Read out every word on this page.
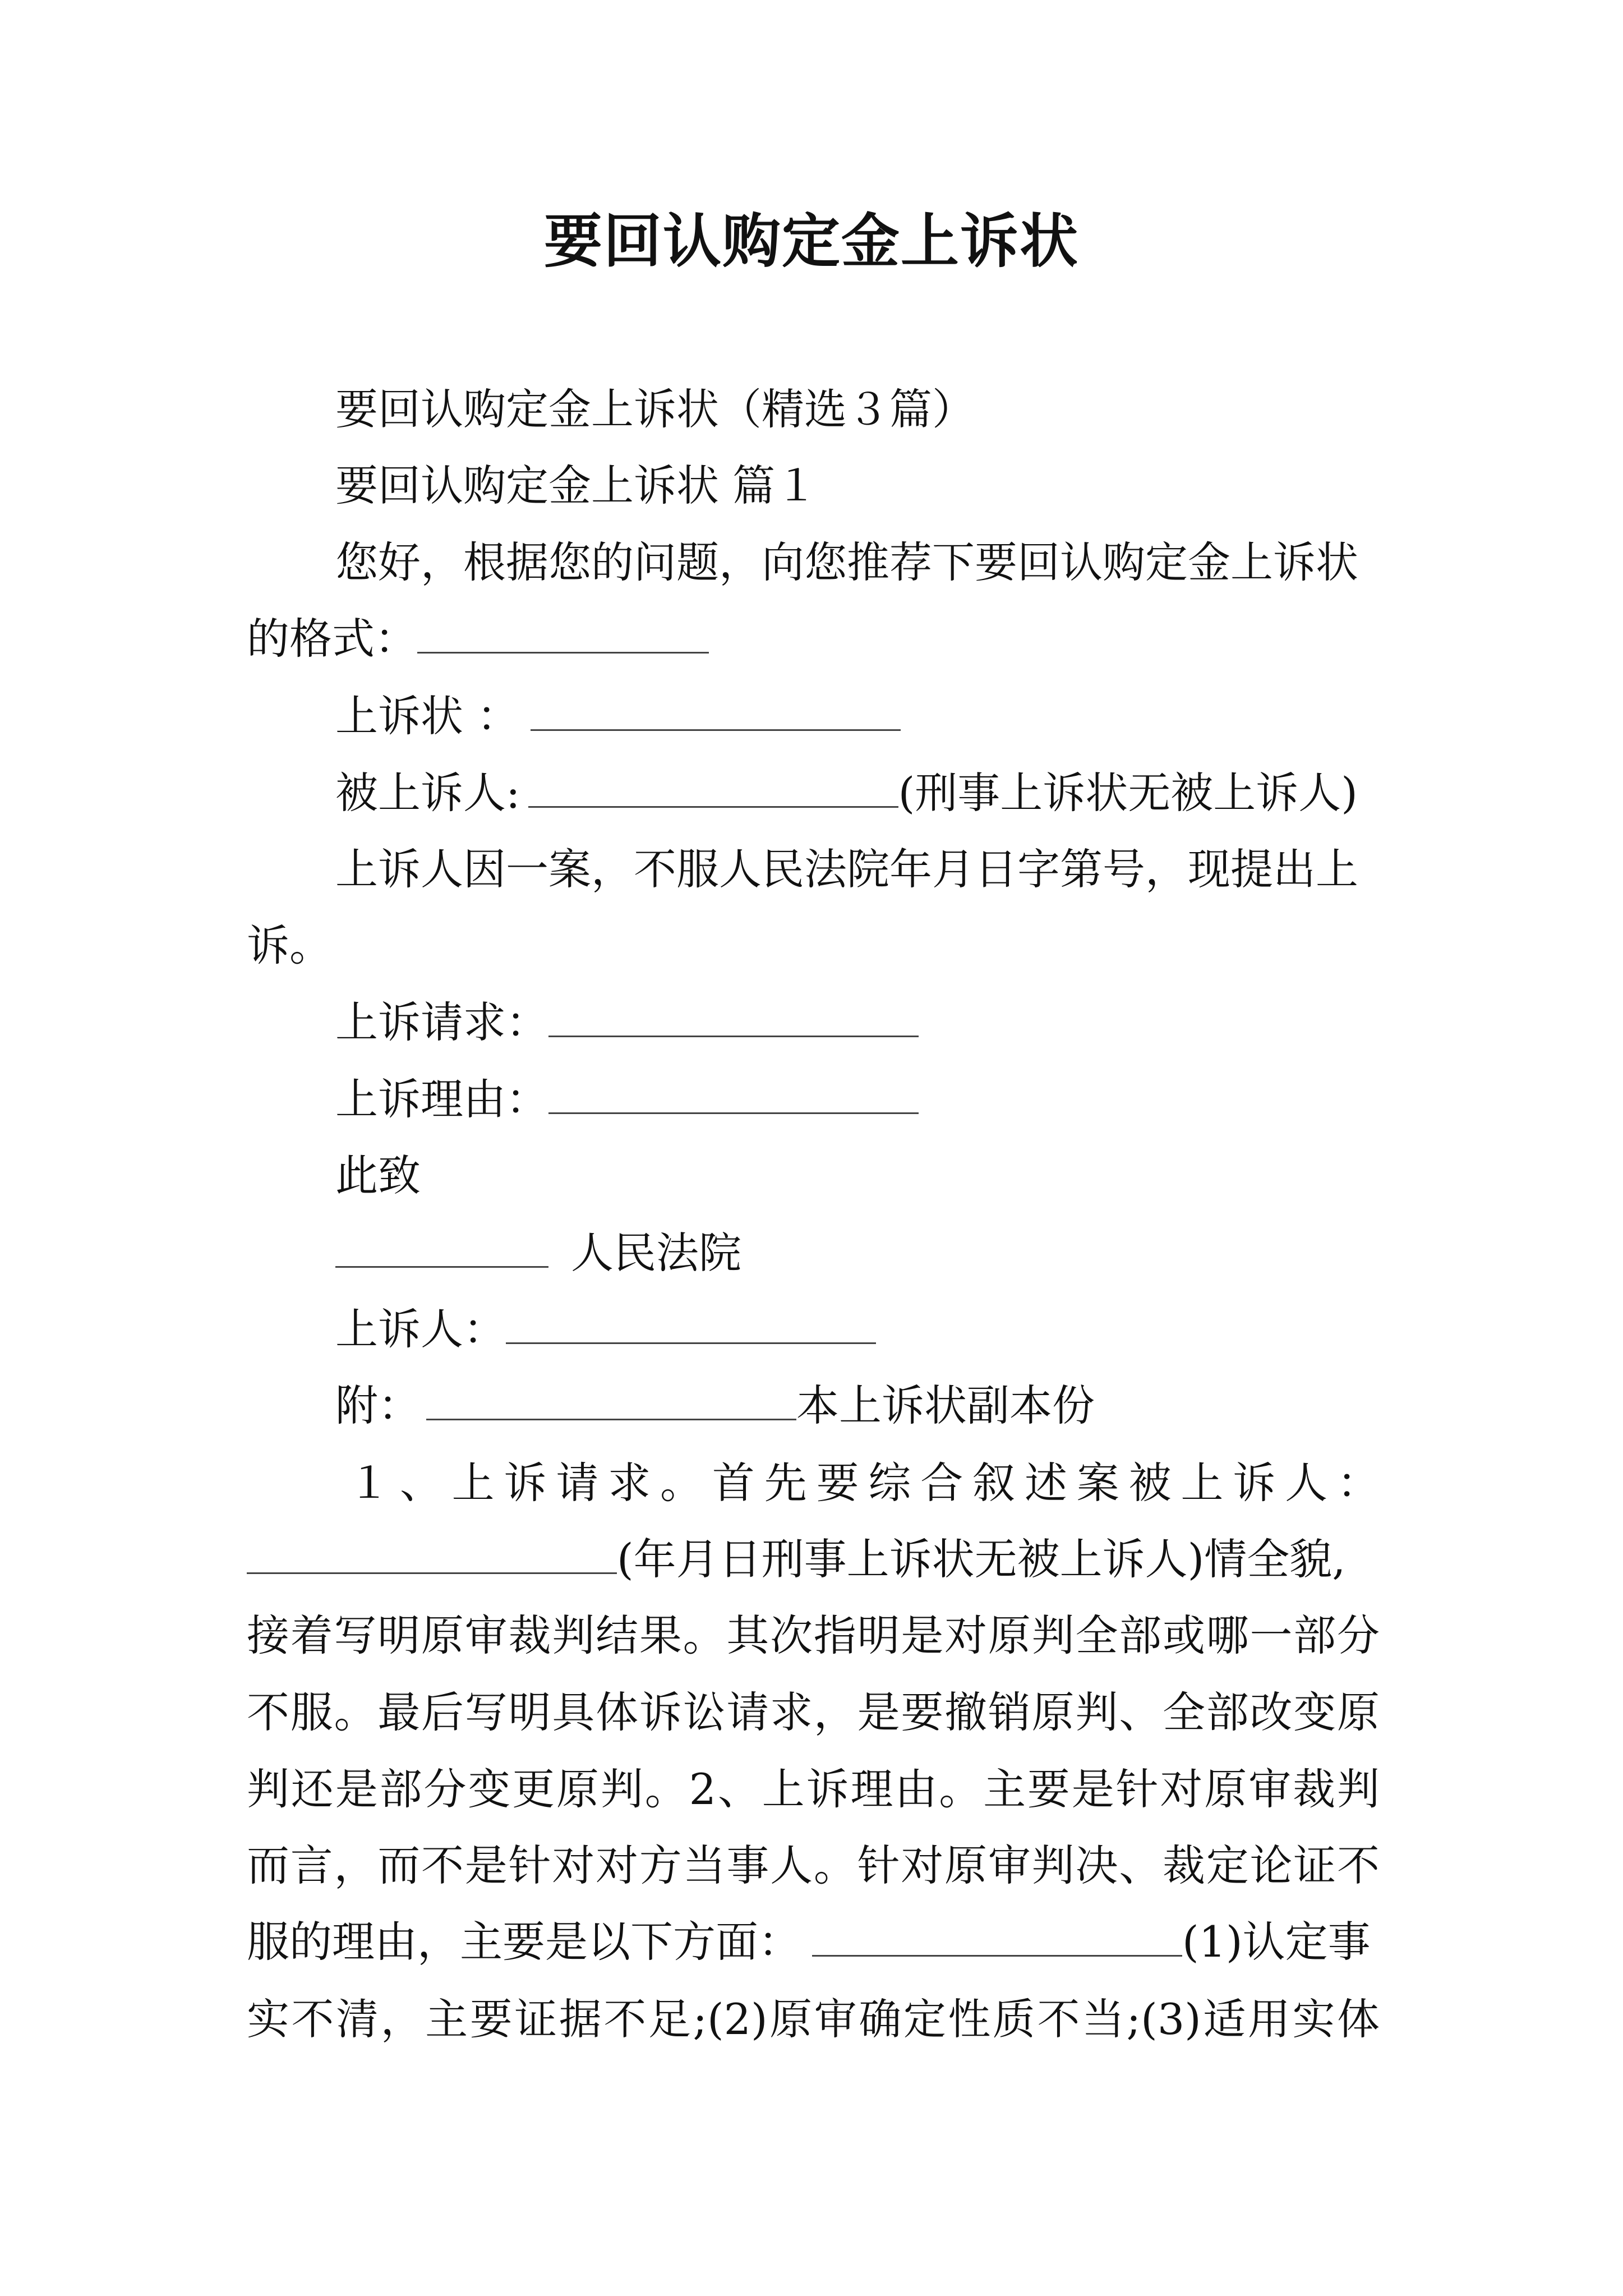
要回认购定金上诉状
要回认购定金上诉状（精选３篇）
要回认购定金上诉状 篇１
您好，根据您的问题，向您推荐下要回认购定金上诉状
的格式：
上诉状 ：
被上诉人:	(刑事上诉状无被上诉人)
上诉人因一案，不服人民法院年月日字第号，现提出上
诉。
上诉请求：
上诉理由：
此致
人民法院
上诉人：
附：	本上诉状副本份
１、上诉请求。首先要综合叙述案被上诉人：
(年月日刑事上诉状无被上诉人)情全貌,
接着写明原审裁判结果。其次指明是对原判全部或哪一部分
不服。最后写明具体诉讼请求，是要撤销原判、全部改变原
判还是部分变更原判。2、上诉理由。主要是针对原审裁判
而言，而不是针对对方当事人。针对原审判决、裁定论证不
服的理由，主要是以下方面：	(1)认定事
实不清，主要证据不足;(2)原审确定性质不当;(3)适用实体
